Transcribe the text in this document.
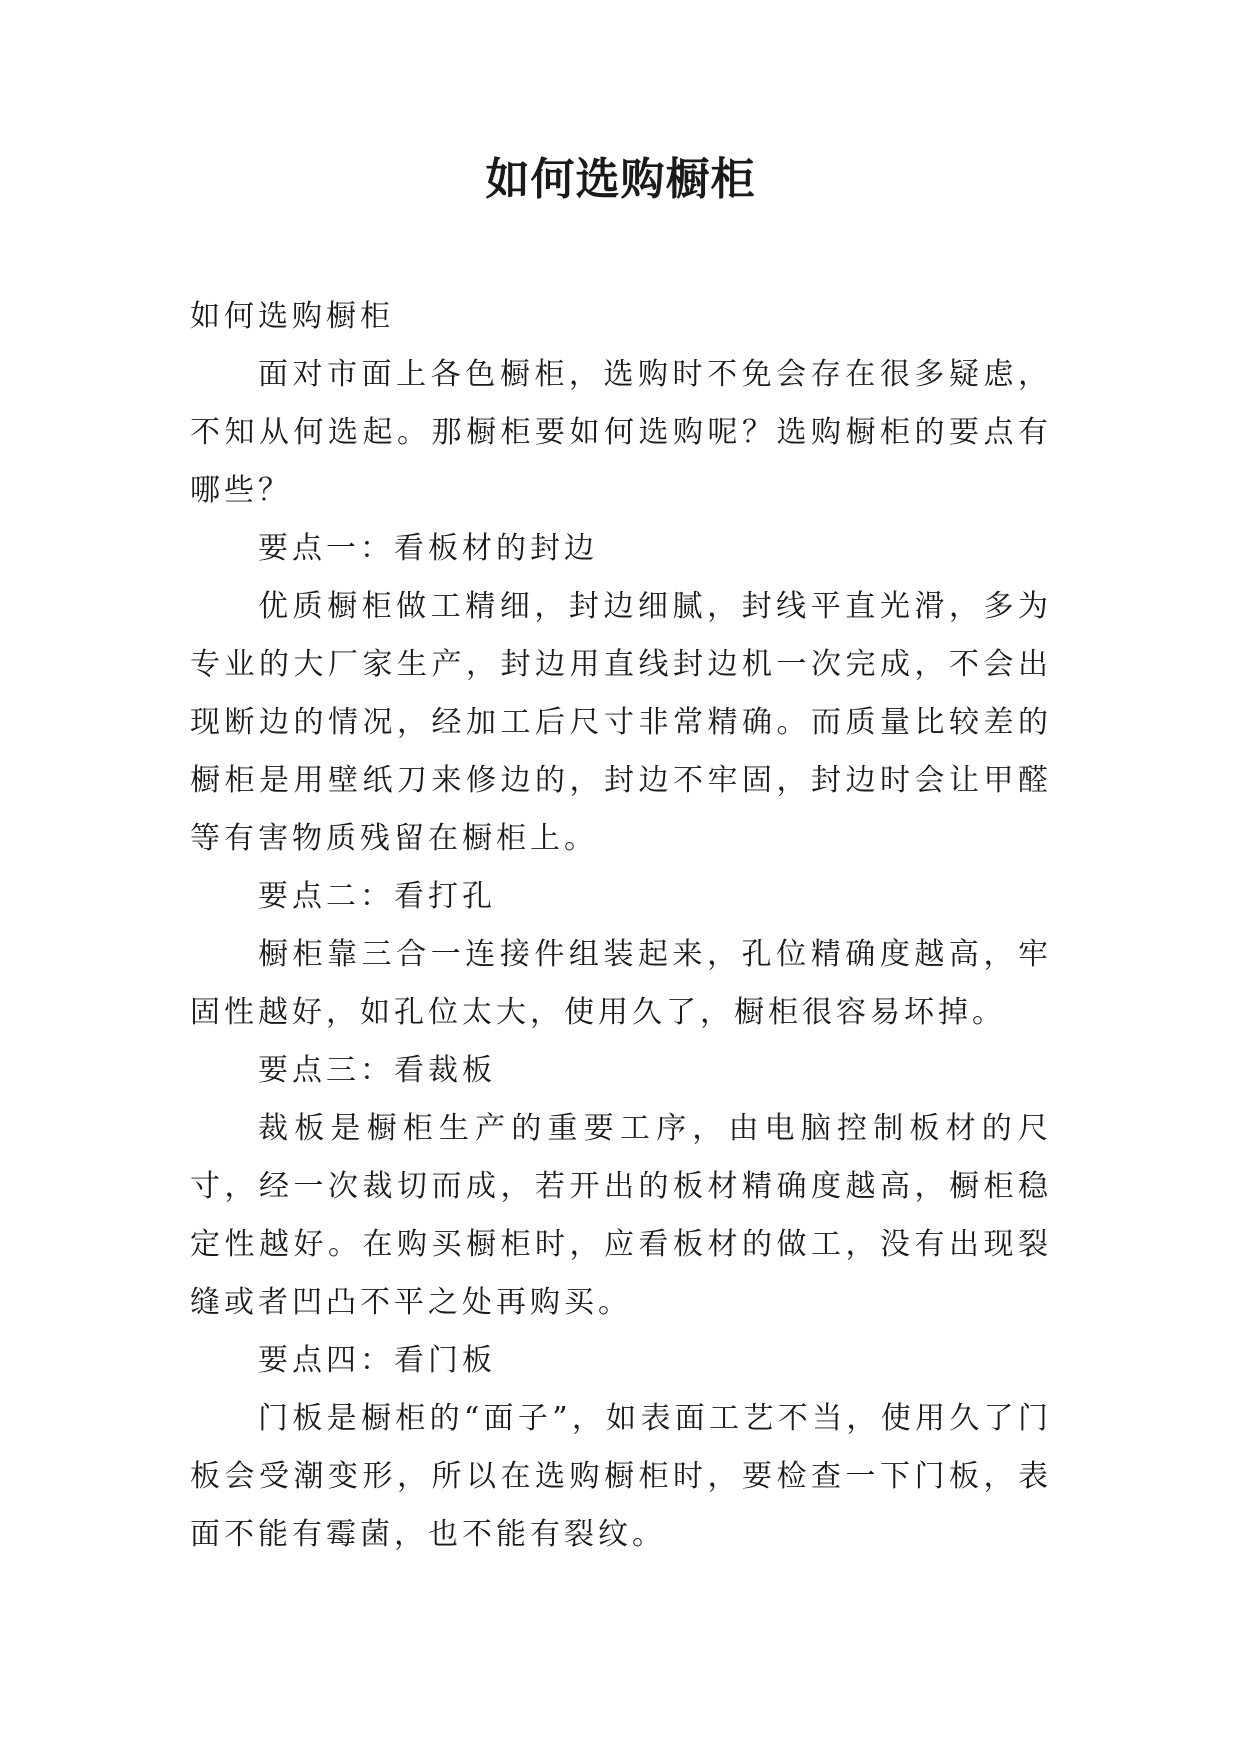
如何选购橱柜

如何选购橱柜

面对市面上各色橱柜，选购时不免会存在很多疑虑，不知从何选起。那橱柜要如何选购呢？选购橱柜的要点有哪些？

要点一：看板材的封边

优质橱柜做工精细，封边细腻，封线平直光滑，多为专业的大厂家生产，封边用直线封边机一次完成，不会出现断边的情况，经加工后尺寸非常精确。而质量比较差的橱柜是用壁纸刀来修边的，封边不牢固，封边时会让甲醛等有害物质残留在橱柜上。

要点二：看打孔

橱柜靠三合一连接件组装起来，孔位精确度越高，牢固性越好，如孔位太大，使用久了，橱柜很容易坏掉。

要点三：看裁板

裁板是橱柜生产的重要工序，由电脑控制板材的尺寸，经一次裁切而成，若开出的板材精确度越高，橱柜稳定性越好。在购买橱柜时，应看板材的做工，没有出现裂缝或者凹凸不平之处再购买。

要点四：看门板

门板是橱柜的“面子”，如表面工艺不当，使用久了门板会受潮变形，所以在选购橱柜时，要检查一下门板，表面不能有霉菌，也不能有裂纹。
